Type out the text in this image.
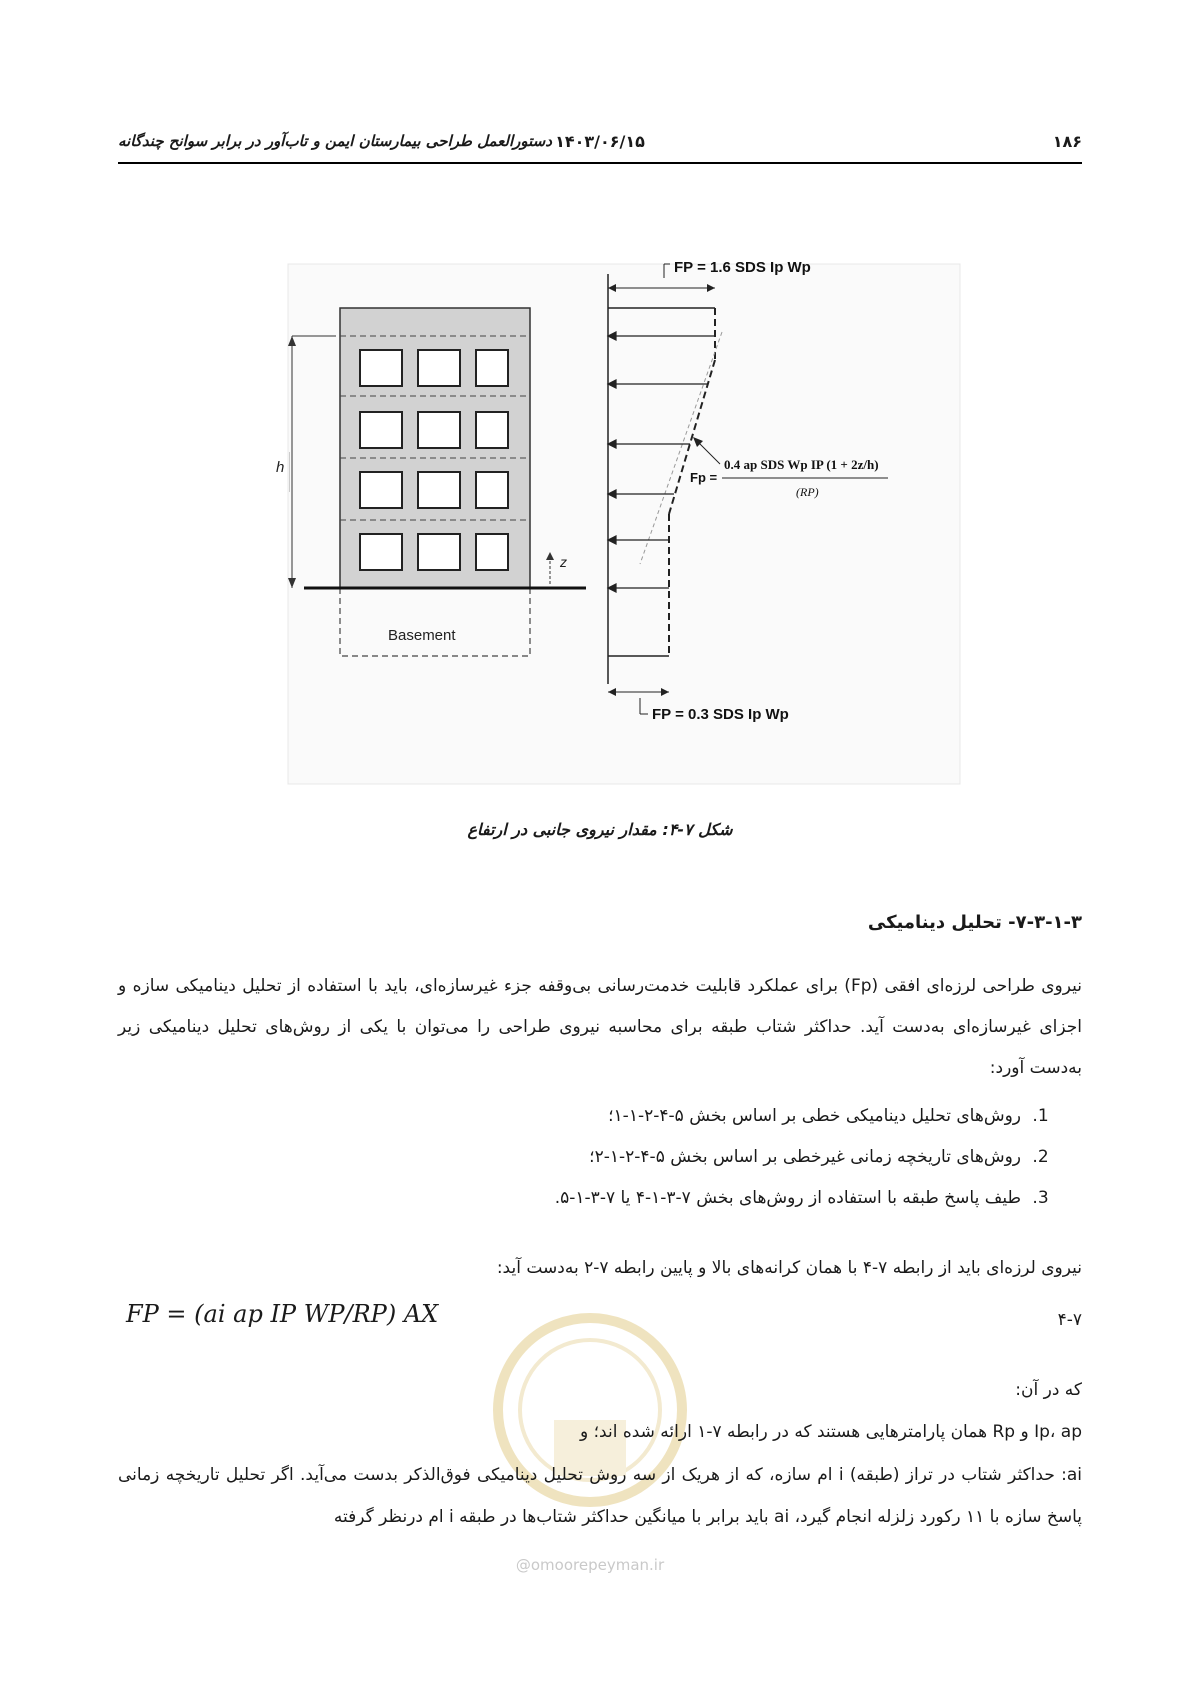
۱۸۶
۱۴۰۳/۰۶/۱۵
دستورالعمل طراحی بیمارستان ایمن و تاب‌آور در برابر سوانح چندگانه
h
z
Basement
FP = 1.6 SDS Ip Wp
FP = 0.3 SDS Ip Wp
Fp =
0.4 ap SDS Wp IP (1 + 2z/h)
(RP)
شکل ۷-۴: مقدار نیروی جانبی در ارتفاع
۷-۳-۱-۳- تحلیل دینامیکی
نیروی طراحی لرزه‌ای افقی (Fp) برای عملکرد قابلیت خدمت‌رسانی بی‌وقفه جزء غیرسازه‌ای، باید با استفاده از تحلیل دینامیکی سازه و اجزای غیرسازه‌ای به‌دست آید. حداکثر شتاب طبقه برای محاسبه نیروی طراحی را می‌توان با یکی از روش‌های تحلیل دینامیکی زیر به‌دست آورد:
1. روش‌های تحلیل دینامیکی خطی بر اساس بخش ۵-۴-۲-۱-۱؛
2. روش‌های تاریخچه زمانی غیرخطی بر اساس بخش ۵-۴-۲-۱-۲؛
3. طیف پاسخ طبقه با استفاده از روش‌های بخش ۷-۳-۱-۴ یا ۷-۳-۱-۵.
نیروی لرزه‌ای باید از رابطه ۷-۴ با همان کرانه‌های بالا و پایین رابطه ۷-۲ به‌دست آید:
FP = (ai ap IP WP/RP) AX	۴-۷
که در آن:
Ip، ap و Rp همان پارامترهایی هستند که در رابطه ۷-۱ ارائه شده اند؛ و
ai: حداکثر شتاب در تراز (طبقه) i ام سازه، که از هریک از سه روش تحلیل دینامیکی فوق‌الذکر بدست می‌آید. اگر تحلیل تاریخچه زمانی پاسخ سازه با ۱۱ رکورد زلزله انجام گیرد، ai باید برابر با میانگین حداکثر شتاب‌ها در طبقه i ام درنظر گرفته
@omoorepeyman.ir
